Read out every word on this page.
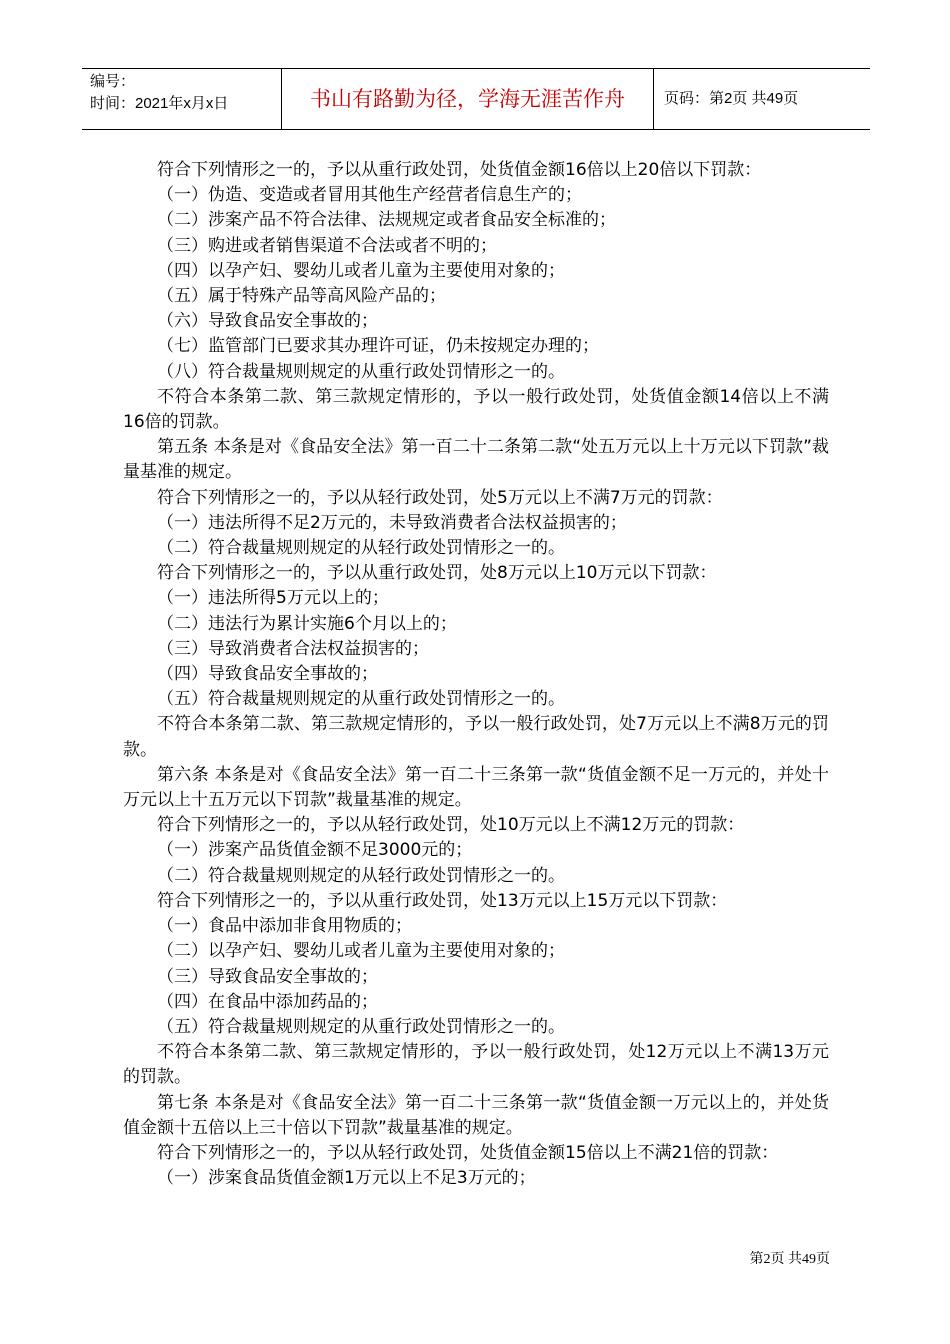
编号：
时间：2021年x月x日	书山有路勤为径，学海无涯苦作舟	页码：第2页 共49页

符合下列情形之一的，予以从重行政处罚，处货值金额16倍以上20倍以下罚款：

（一）伪造、变造或者冒用其他生产经营者信息生产的；

（二）涉案产品不符合法律、法规规定或者食品安全标准的；

（三）购进或者销售渠道不合法或者不明的；

（四）以孕产妇、婴幼儿或者儿童为主要使用对象的；

（五）属于特殊产品等高风险产品的；

（六）导致食品安全事故的；

（七）监管部门已要求其办理许可证，仍未按规定办理的；

（八）符合裁量规则规定的从重行政处罚情形之一的。

不符合本条第二款、第三款规定情形的，予以一般行政处罚，处货值金额14倍以上不满16倍的罚款。

第五条 本条是对《食品安全法》第一百二十二条第二款“处五万元以上十万元以下罚款”裁量基准的规定。

符合下列情形之一的，予以从轻行政处罚，处5万元以上不满7万元的罚款：

（一）违法所得不足2万元的，未导致消费者合法权益损害的；

（二）符合裁量规则规定的从轻行政处罚情形之一的。

符合下列情形之一的，予以从重行政处罚，处8万元以上10万元以下罚款：

（一）违法所得5万元以上的；

（二）违法行为累计实施6个月以上的；

（三）导致消费者合法权益损害的；

（四）导致食品安全事故的；

（五）符合裁量规则规定的从重行政处罚情形之一的。

不符合本条第二款、第三款规定情形的，予以一般行政处罚，处7万元以上不满8万元的罚款。

第六条 本条是对《食品安全法》第一百二十三条第一款“货值金额不足一万元的，并处十万元以上十五万元以下罚款”裁量基准的规定。

符合下列情形之一的，予以从轻行政处罚，处10万元以上不满12万元的罚款：

（一）涉案产品货值金额不足3000元的；

（二）符合裁量规则规定的从轻行政处罚情形之一的。

符合下列情形之一的，予以从重行政处罚，处13万元以上15万元以下罚款：

（一）食品中添加非食用物质的；

（二）以孕产妇、婴幼儿或者儿童为主要使用对象的；

（三）导致食品安全事故的；

（四）在食品中添加药品的；

（五）符合裁量规则规定的从重行政处罚情形之一的。

不符合本条第二款、第三款规定情形的，予以一般行政处罚，处12万元以上不满13万元的罚款。

第七条 本条是对《食品安全法》第一百二十三条第一款“货值金额一万元以上的，并处货值金额十五倍以上三十倍以下罚款”裁量基准的规定。

符合下列情形之一的，予以从轻行政处罚，处货值金额15倍以上不满21倍的罚款：

（一）涉案食品货值金额1万元以上不足3万元的；

第2页 共49页
